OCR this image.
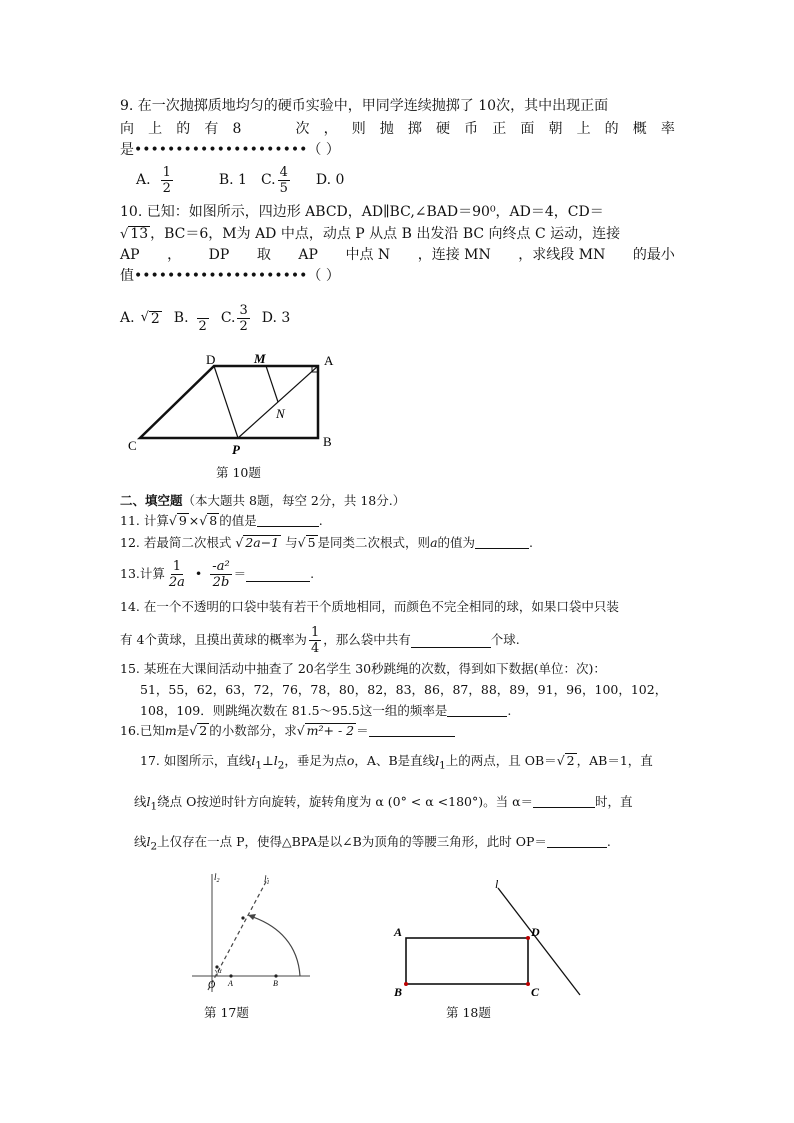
9. 在一次抛掷质地均匀的硬币实验中，甲同学连续抛掷了 10次，其中出现正面
向 上 的 有 8	次 ， 则 抛 掷 硬 币 正 面 朝 上 的 概 率
是•••••••••••••••••••••（ ）
A. $\frac{1}{2}$	B. 1 C. $\frac{4}{5} D$. 0
10. 已知：如图所示，四边形 ABCD，AD∥BC,∠BAD＝90⁰，AD＝4，CD＝
√ 13 ，BC＝6，M为 AD 中点，动点 P 从点 B 出发沿 BC 向终点 C 运动，连接
AP ， DP 取 AP 中点 N ，连接 MN ，求线段 MN 的最小
值•••••••••••••••••••••（ ）
A. √ 2 B. 2 C. $\frac{3}{2} D$. 3
D	M	A
N
C	P
B
第 10题
二、填空题（本大题共 8题，每空 2分，共 18分.）
11. 计算√ 9 ×√ 8 的值是	.
12. 若最简二次根式 √ 2a−1 与√ 5 是同类二次根式，则a的值为	.
13.计算 $\frac{1}{2a}$ • $\frac{\text{-a²}}{2b}$ ＝	.
14. 在一个不透明的口袋中装有若干个质地相同，而颜色不完全相同的球，如果口袋中只装
有 4个黄球，且摸出黄球的概率为 $\frac{1}{4}$ ，那么袋中共有	个球.
15. 某班在大课间活动中抽查了 20名学生 30秒跳绳的次数，得到如下数据(单位：次)：
51，55，62，63，72，76，78，80，82，83，86，87，88，89，91，96，100，102，
108，109．则跳绳次数在 81.5～95.5这一组的频率是	.
16.已知m是√ 2 的小数部分，求√ m²+ - 2 ＝
17. 如图所示，直线$l_1\perp l_2$，垂足为点o，A、B是直线$l_1$上的两点，且 OB＝√ 2 ，AB＝1，直
线$l_1$绕点 O按逆时针方向旋转，旋转角度为 α (0° < α <180°)。当 α＝	时，直
线$l_2$上仅存在一点 P，使得△BPA是以∠B为顶角的等腰三角形，此时 OP＝	.
$l_2$	$l_1$
α
O A	B
第 17题
l
A	D
B	C
第 18题
